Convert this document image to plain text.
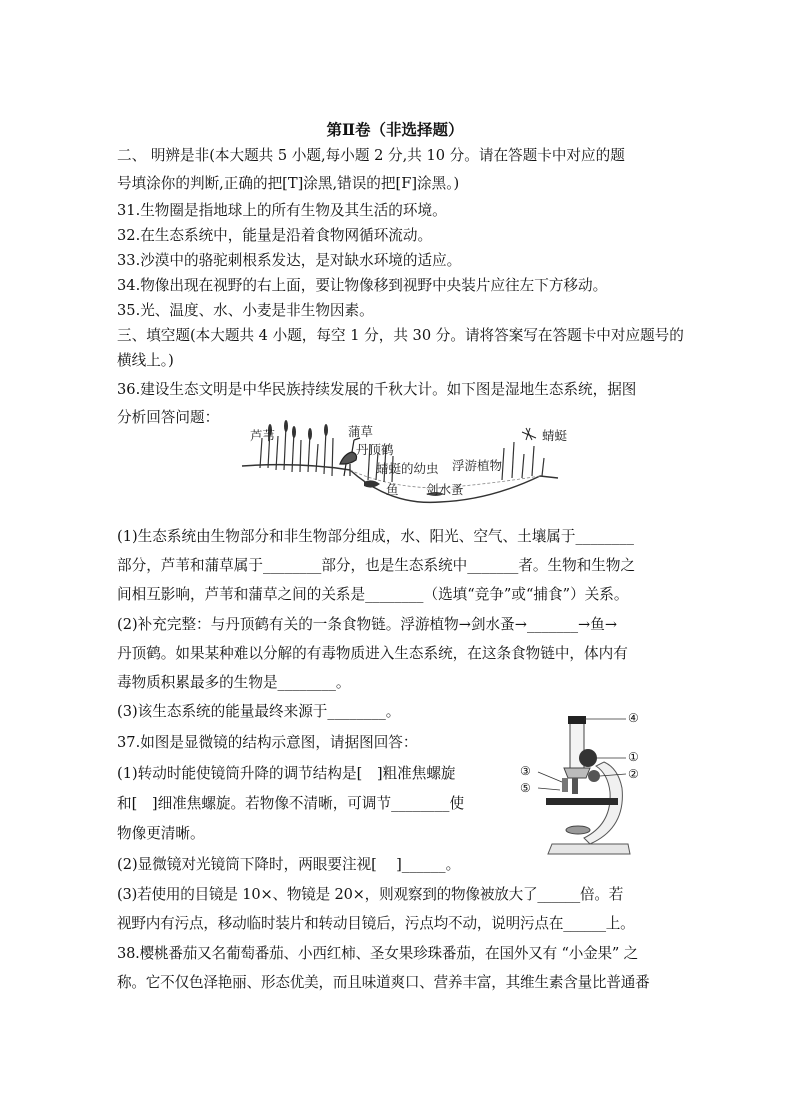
第Ⅱ卷（非选择题）
二、 明辨是非(本大题共 5 小题,每小题 2 分,共 10 分。请在答题卡中对应的题
号填涂你的判断,正确的把[T]涂黑,错误的把[F]涂黑。)
31.生物圈是指地球上的所有生物及其生活的环境。
32.在生态系统中，能量是沿着食物网循环流动。
33.沙漠中的骆驼刺根系发达，是对缺水环境的适应。
34.物像出现在视野的右上面，要让物像移到视野中央装片应往左下方移动。
35.光、温度、水、小麦是非生物因素。
三、填空题(本大题共 4 小题，每空 1 分，共 30 分。请将答案写在答题卡中对应题号的
横线上。)
36.建设生态文明是中华民族持续发展的千秋大计。如下图是湿地生态系统，据图
分析回答问题：
芦苇	蒲草
丹顶鹤
蜻蜓
蜻蜓的幼虫 浮游植物
鱼 剑水蚤
(1)生态系统由生物部分和非生物部分组成，水、阳光、空气、土壤属于________
部分，芦苇和蒲草属于________部分，也是生态系统中_______者。生物和生物之
间相互影响，芦苇和蒲草之间的关系是________（选填“竞争”或“捕食”）关系。
(2)补充完整：与丹顶鹤有关的一条食物链。浮游植物→剑水蚤→_______→鱼→
丹顶鹤。如果某种难以分解的有毒物质进入生态系统，在这条食物链中，体内有
毒物质积累最多的生物是________。
(3)该生态系统的能量最终来源于________。
37.如图是显微镜的结构示意图，请据图回答：
(1)转动时能使镜筒升降的调节结构是[　]粗准焦螺旋
和[　]细准焦螺旋。若物像不清晰，可调节________使
物像更清晰。
(2)显微镜对光镜筒下降时，两眼要注视[　 ]______。
④
①
②
③
⑤
(3)若使用的目镜是 10×、物镜是 20×，则观察到的物像被放大了______倍。若
视野内有污点，移动临时装片和转动目镜后，污点均不动，说明污点在______上。
38.樱桃番茄又名葡萄番茄、小西红柿、圣女果珍珠番茄，在国外又有 “小金果” 之
称。它不仅色泽艳丽、形态优美，而且味道爽口、营养丰富，其维生素含量比普通番
